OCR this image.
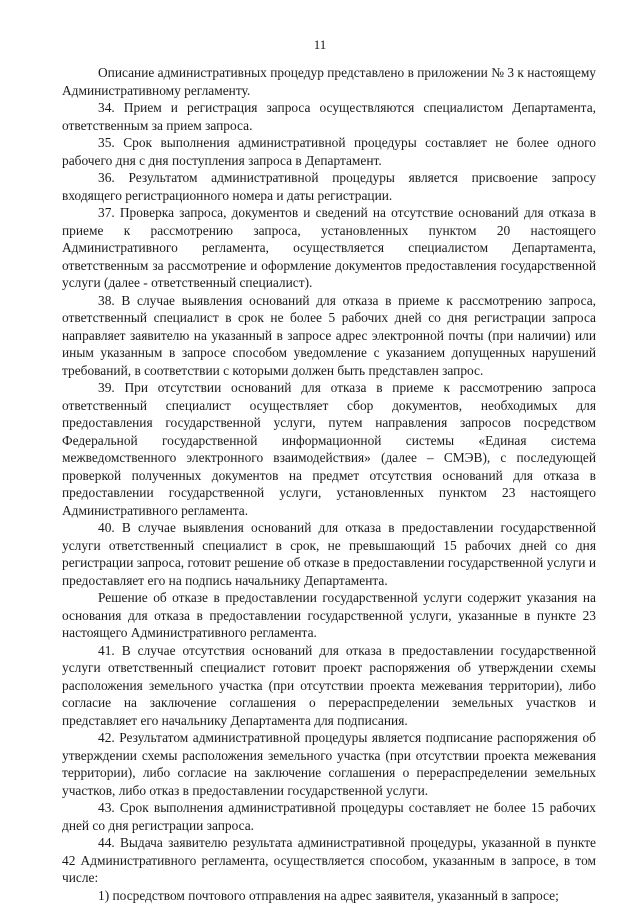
11

Описание административных процедур представлено в приложении № 3 к настоящему Административному регламенту.

34. Прием и регистрация запроса осуществляются специалистом Департамента, ответственным за прием запроса.

35. Срок выполнения административной процедуры составляет не более одного рабочего дня с дня поступления запроса в Департамент.

36. Результатом административной процедуры является присвоение запросу входящего регистрационного номера и даты регистрации.

37. Проверка запроса, документов и сведений на отсутствие оснований для отказа в приеме к рассмотрению запроса, установленных пунктом 20 настоящего Административного регламента, осуществляется специалистом Департамента, ответственным за рассмотрение и оформление документов предоставления государственной услуги (далее - ответственный специалист).

38. В случае выявления оснований для отказа в приеме к рассмотрению запроса, ответственный специалист в срок не более 5 рабочих дней со дня регистрации запроса направляет заявителю на указанный в запросе адрес электронной почты (при наличии) или иным указанным в запросе способом уведомление с указанием допущенных нарушений требований, в соответствии с которыми должен быть представлен запрос.

39. При отсутствии оснований для отказа в приеме к рассмотрению запроса ответственный специалист осуществляет сбор документов, необходимых для предоставления государственной услуги, путем направления запросов посредством Федеральной государственной информационной системы «Единая система межведомственного электронного взаимодействия» (далее – СМЭВ), с последующей проверкой полученных документов на предмет отсутствия оснований для отказа в предоставлении государственной услуги, установленных пунктом 23 настоящего Административного регламента.

40. В случае выявления оснований для отказа в предоставлении государственной услуги ответственный специалист в срок, не превышающий 15 рабочих дней со дня регистрации запроса, готовит решение об отказе в предоставлении государственной услуги и предоставляет его на подпись начальнику Департамента.

Решение об отказе в предоставлении государственной услуги содержит указания на основания для отказа в предоставлении государственной услуги, указанные в пункте 23 настоящего Административного регламента.

41. В случае отсутствия оснований для отказа в предоставлении государственной услуги ответственный специалист готовит проект распоряжения об утверждении схемы расположения земельного участка (при отсутствии проекта межевания территории), либо согласие на заключение соглашения о перераспределении земельных участков и представляет его начальнику Департамента для подписания.

42. Результатом административной процедуры является подписание распоряжения об утверждении схемы расположения земельного участка (при отсутствии проекта межевания территории), либо согласие на заключение соглашения о перераспределении земельных участков, либо отказ в предоставлении государственной услуги.

43. Срок выполнения административной процедуры составляет не более 15 рабочих дней со дня регистрации запроса.

44. Выдача заявителю результата административной процедуры, указанной в пункте 42 Административного регламента, осуществляется способом, указанным в запросе, в том числе:

1) посредством почтового отправления на адрес заявителя, указанный в запросе;
